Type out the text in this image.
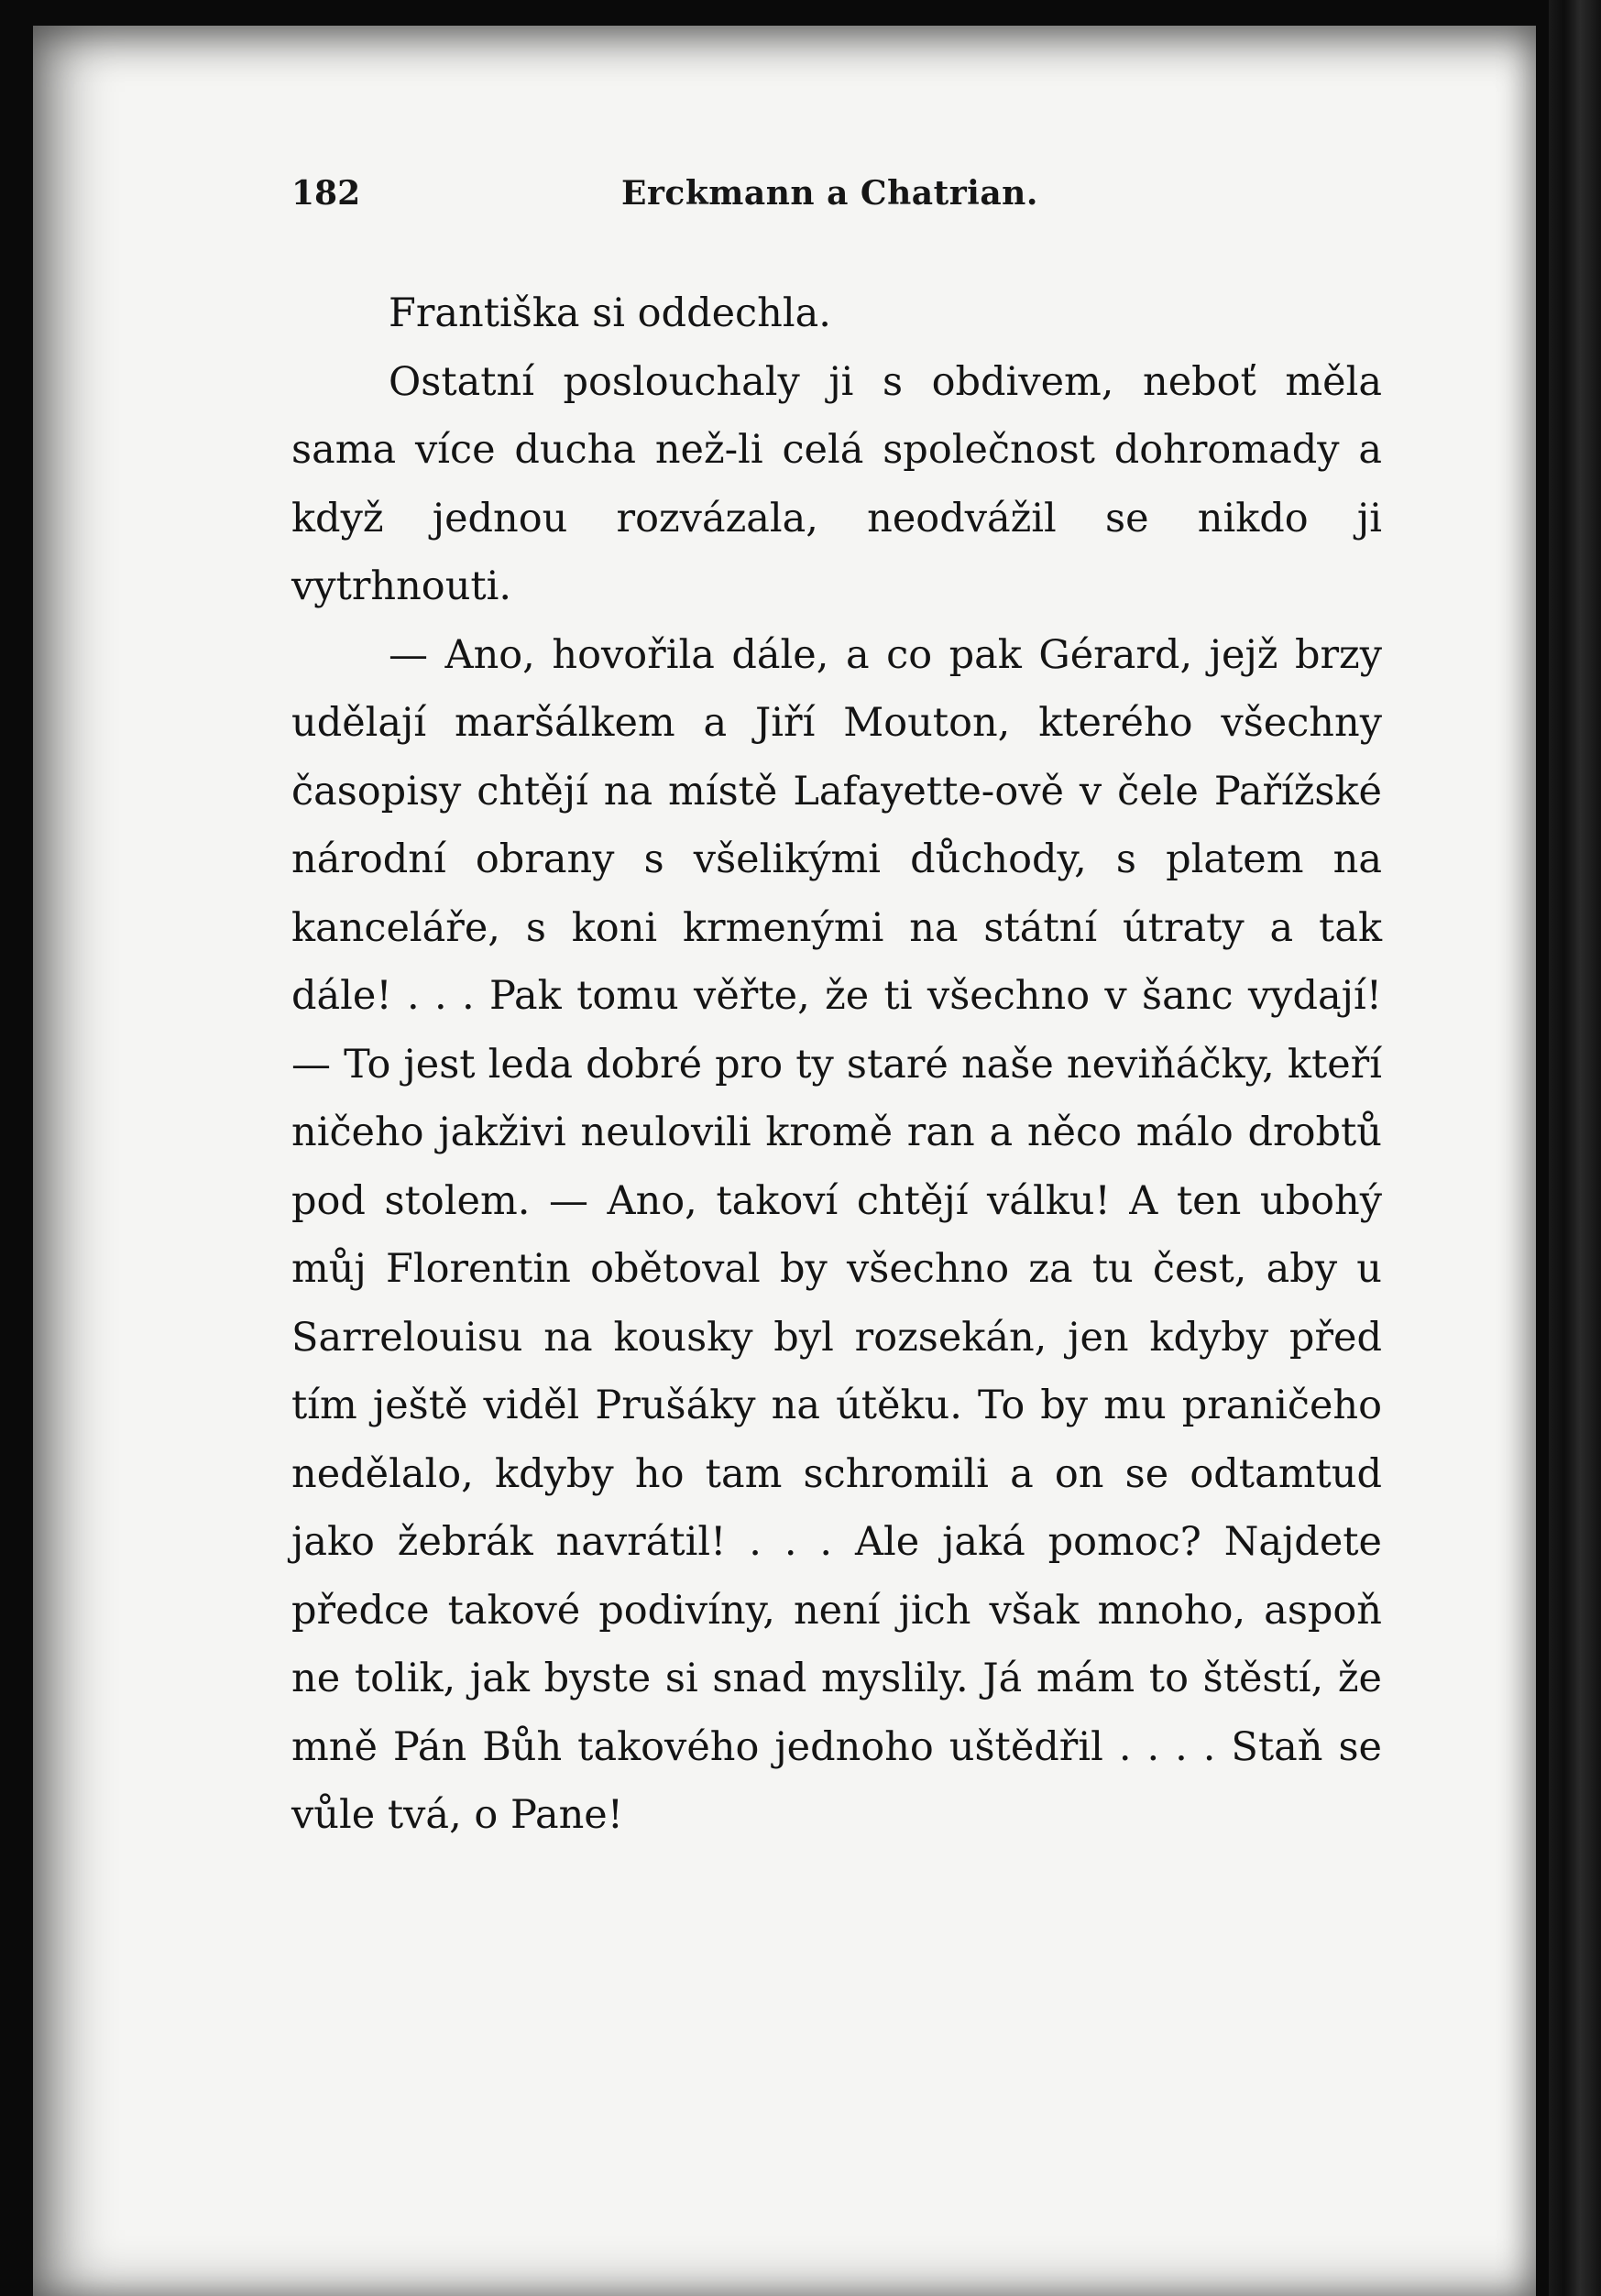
182	Erckmann a Chatrian.

Františka si oddechla.

Ostatní poslouchaly ji s obdivem, neboť měla sama více ducha než-li celá společnost dohromady a když jednou rozvázala, neodvážil se nikdo ji vytrhnouti.

— Ano, hovořila dále, a co pak Gérard, jejž brzy udělají maršálkem a Jiří Mouton, kterého všechny časopisy chtějí na místě Lafayette-ově v čele Pařížské národní obrany s všelikými důchody, s platem na kanceláře, s koni krmenými na státní útraty a tak dále! . . . Pak tomu věřte, že ti všechno v šanc vydají! — To jest leda dobré pro ty staré naše neviňáčky, kteří ničeho jakživi neulovili kromě ran a něco málo drobtů pod stolem. — Ano, takoví chtějí válku! A ten ubohý můj Florentin obětoval by všechno za tu čest, aby u Sarrelouisu na kousky byl rozsekán, jen kdyby před tím ještě viděl Prušáky na útěku. To by mu praničeho nedělalo, kdyby ho tam schromili a on se odtamtud jako žebrák navrátil! . . . Ale jaká pomoc? Najdete předce takové podivíny, není jich však mnoho, aspoň ne tolik, jak byste si snad myslily. Já mám to štěstí, že mně Pán Bůh takového jednoho uštědřil . . . . Staň se vůle tvá, o Pane!
